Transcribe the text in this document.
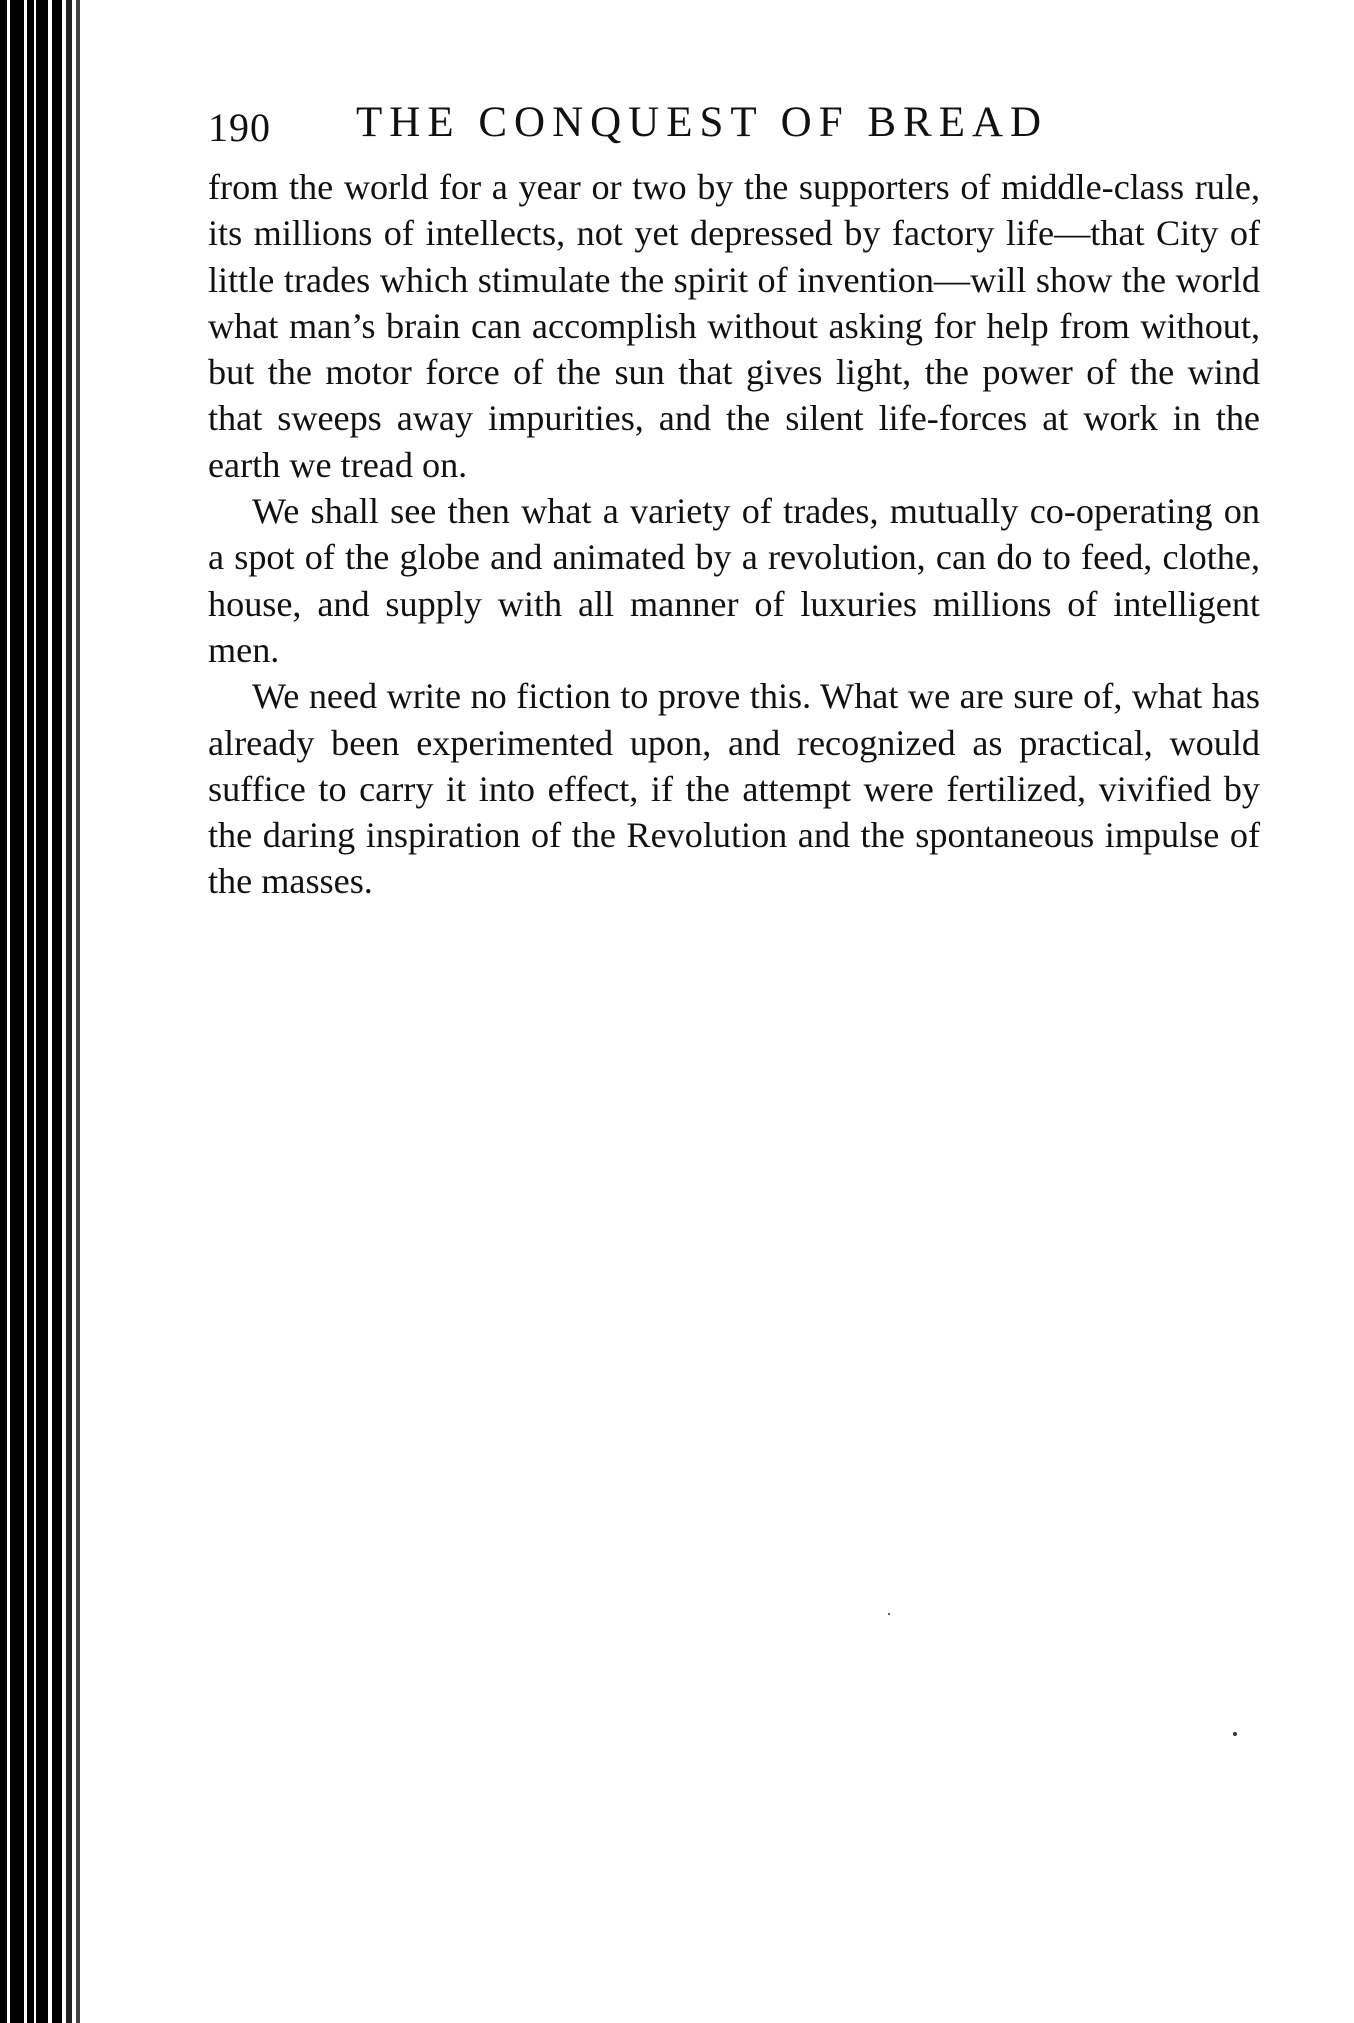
190 THE CONQUEST OF BREAD

from the world for a year or two by the supporters of middle-class rule, its millions of intellects, not yet depressed by factory life—that City of little trades which stimulate the spirit of invention—will show the world what man’s brain can accomplish without asking for help from without, but the motor force of the sun that gives light, the power of the wind that sweeps away impurities, and the silent life-forces at work in the earth we tread on.

We shall see then what a variety of trades, mutually co-operating on a spot of the globe and animated by a revolution, can do to feed, clothe, house, and supply with all manner of luxuries millions of intelligent men.

We need write no fiction to prove this. What we are sure of, what has already been experimented upon, and recognized as practical, would suffice to carry it into effect, if the attempt were fertilized, vivified by the daring inspiration of the Revolution and the spontaneous impulse of the masses.
